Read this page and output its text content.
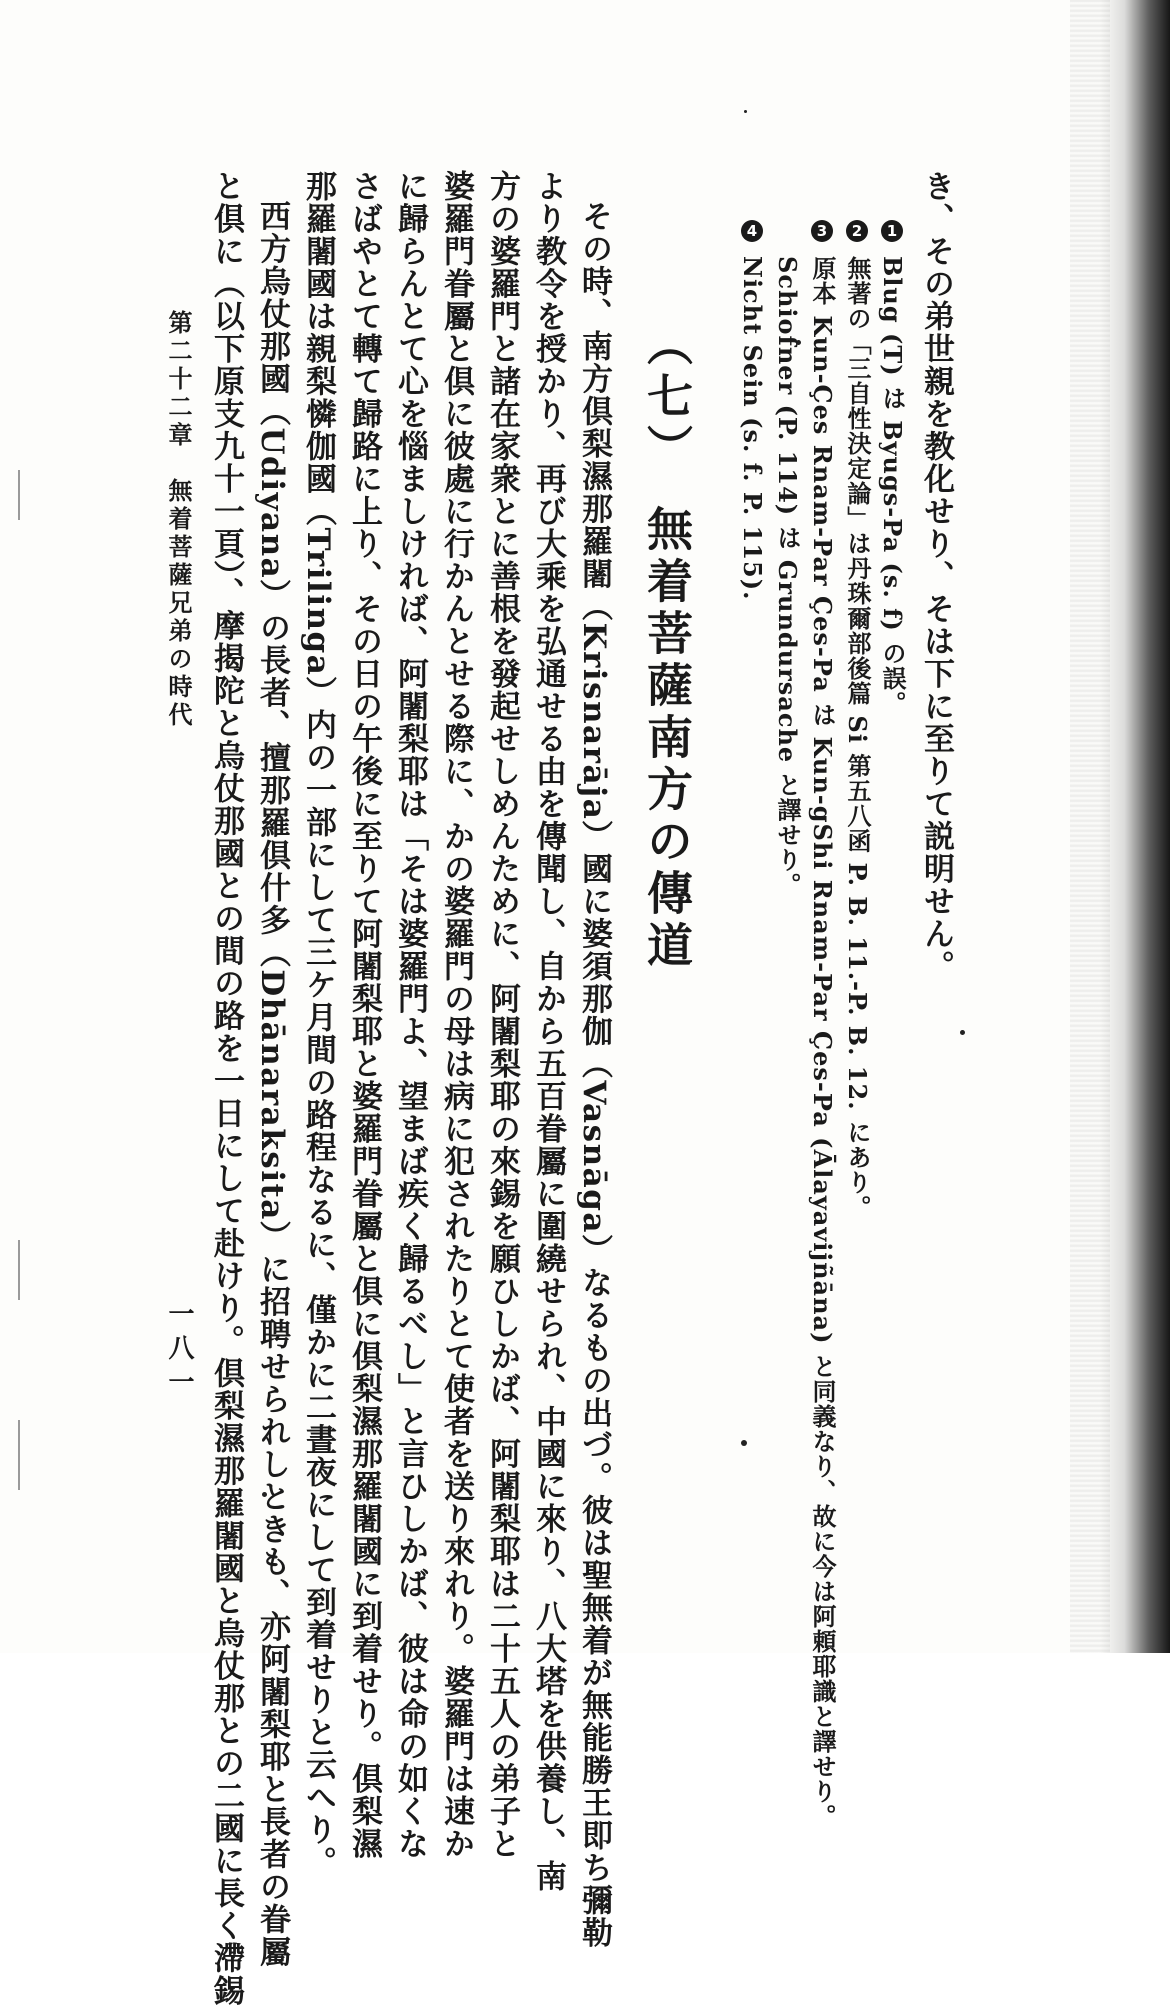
き、その弟世親を教化せり、そは下に至りて説明せん。
1Blug (T) は Byugs-Pa (s. f) の誤。
2無著の「三自性決定論」は丹珠爾部後篇 Si 第五八函 P. B. 11.-P. B. 12. にあり。
3原本 Kun-Çes Rnam-Par Çes-Pa は Kun-gShi Rnam-Par Çes-Pa (Ālayavijñāna) と同義なり、故に今は阿頼耶識と譯せり。
Schiofner (P. 114) は Grundursache と譯せり。
4Nicht Sein (s. f. P. 115).
（七）　無着菩薩南方の傳道
その時、南方倶梨濕那羅闍（Krisnarāja）國に婆須那伽（Vasnāga）なるもの出づ。彼は聖無着が無能勝王即ち彌勒
より教令を授かり、再び大乘を弘通せる由を傳聞し、自から五百眷屬に圍繞せられ、中國に來り、八大塔を供養し、南
方の婆羅門と諸在家衆とに善根を發起せしめんために、阿闍梨耶の來錫を願ひしかば、阿闍梨耶は二十五人の弟子と
婆羅門眷屬と倶に彼處に行かんとせる際に、かの婆羅門の母は病に犯されたりとて使者を送り來れり。婆羅門は速か
に歸らんとて心を惱ましければ、阿闍梨耶は「そは婆羅門よ、望まば疾く歸るべし」と言ひしかば、彼は命の如くな
さばやとて轉て歸路に上り、その日の午後に至りて阿闍梨耶と婆羅門眷屬と倶に倶梨濕那羅闍國に到着せり。倶梨濕
那羅闍國は親梨憐伽國（Trilinga）内の一部にして三ケ月間の路程なるに、僅かに二晝夜にして到着せりと云へり。
西方烏仗那國（Udiyana）の長者、擅那羅倶什多（Dhānaraksita）に招聘せられしときも、亦阿闍梨耶と長者の眷屬
と倶に（以下原支九十一頁）、摩揭陀と烏仗那國との間の路を一日にして赴けり。倶梨濕那羅闍國と烏仗那との二國に長く滯錫
第二十二章　無着菩薩兄弟の時代
一八一
